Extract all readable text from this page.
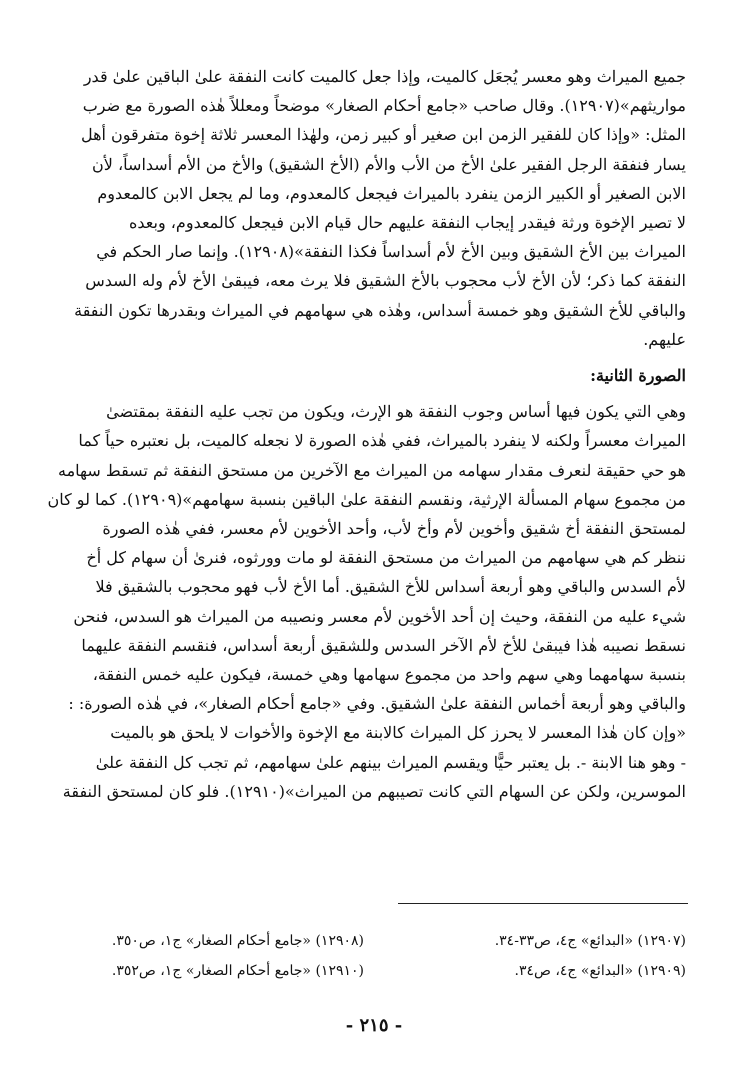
جميع الميراث وهو معسر يُجعَل كالميت، وإذا جعل كالميت كانت النفقة علىٰ الباقين علىٰ قدر
مواريثهم»(١٢٩٠٧). وقال صاحب «جامع أحكام الصغار» موضحاً ومعللاً هٰذه الصورة مع ضرب
المثل: «وإذا كان للفقير الزمن ابن صغير أو كبير زمن، ولهٰذا المعسر ثلاثة إخوة متفرقون أهل
يسار فنفقة الرجل الفقير علىٰ الأخ من الأب والأم (الأخ الشقيق) والأخ من الأم أسداساً، لأن
الابن الصغير أو الكبير الزمن ينفرد بالميراث فيجعل كالمعدوم، وما لم يجعل الابن كالمعدوم
لا تصير الإخوة ورثة فيقدر إيجاب النفقة عليهم حال قيام الابن فيجعل كالمعدوم، وبعده
الميراث بين الأخ الشقيق وبين الأخ لأم أسداساً فكذا النفقة»(١٢٩٠٨). وإنما صار الحكم في
النفقة كما ذكر؛ لأن الأخ لأب محجوب بالأخ الشقيق فلا يرث معه، فيبقىٰ الأخ لأم وله السدس
والباقي للأخ الشقيق وهو خمسة أسداس، وهٰذه هي سهامهم في الميراث وبقدرها تكون النفقة
عليهم.
الصورة الثانية:
وهي التي يكون فيها أساس وجوب النفقة هو الإرث، ويكون من تجب عليه النفقة بمقتضىٰ
الميراث معسراً ولكنه لا ينفرد بالميراث، ففي هٰذه الصورة لا نجعله كالميت، بل نعتبره حياً كما
هو حي حقيقة لنعرف مقدار سهامه من الميراث مع الآخرين من مستحق النفقة ثم تسقط سهامه
من مجموع سهام المسألة الإرثية، ونقسم النفقة علىٰ الباقين بنسبة سهامهم»(١٢٩٠٩). كما لو كان
لمستحق النفقة أخ شقيق وأخوين لأم وأخ لأب، وأحد الأخوين لأم معسر، ففي هٰذه الصورة
ننظر كم هي سهامهم من الميراث من مستحق النفقة لو مات وورثوه، فنرىٰ أن سهام كل أخ
لأم السدس والباقي وهو أربعة أسداس للأخ الشقيق. أما الأخ لأب فهو محجوب بالشقيق فلا
شيء عليه من النفقة، وحيث إن أحد الأخوين لأم معسر ونصيبه من الميراث هو السدس، فنحن
نسقط نصيبه هٰذا فيبقىٰ للأخ لأم الآخر السدس وللشقيق أربعة أسداس، فنقسم النفقة عليهما
بنسبة سهامهما وهي سهم واحد من مجموع سهامها وهي خمسة، فيكون عليه خمس النفقة،
والباقي وهو أربعة أخماس النفقة علىٰ الشقيق. وفي «جامع أحكام الصغار»، في هٰذه الصورة: :
«وإن كان هٰذا المعسر لا يحرز كل الميراث كالابنة مع الإخوة والأخوات لا يلحق هو بالميت
- وهو هنا الابنة -. بل يعتبر حيًّا ويقسم الميراث بينهم علىٰ سهامهم، ثم تجب كل النفقة علىٰ
الموسرين، ولكن عن السهام التي كانت تصيبهم من الميراث»(١٢٩١٠). فلو كان لمستحق النفقة
(١٢٩٠٧) «البدائع» ج٤، ص٣٣-٣٤.
(١٢٩٠٨) «جامع أحكام الصغار» ج١، ص٣٥٠.
(١٢٩٠٩) «البدائع» ج٤، ص٣٤.
(١٢٩١٠) «جامع أحكام الصغار» ج١، ص٣٥٢.
- ٢١٥ -
